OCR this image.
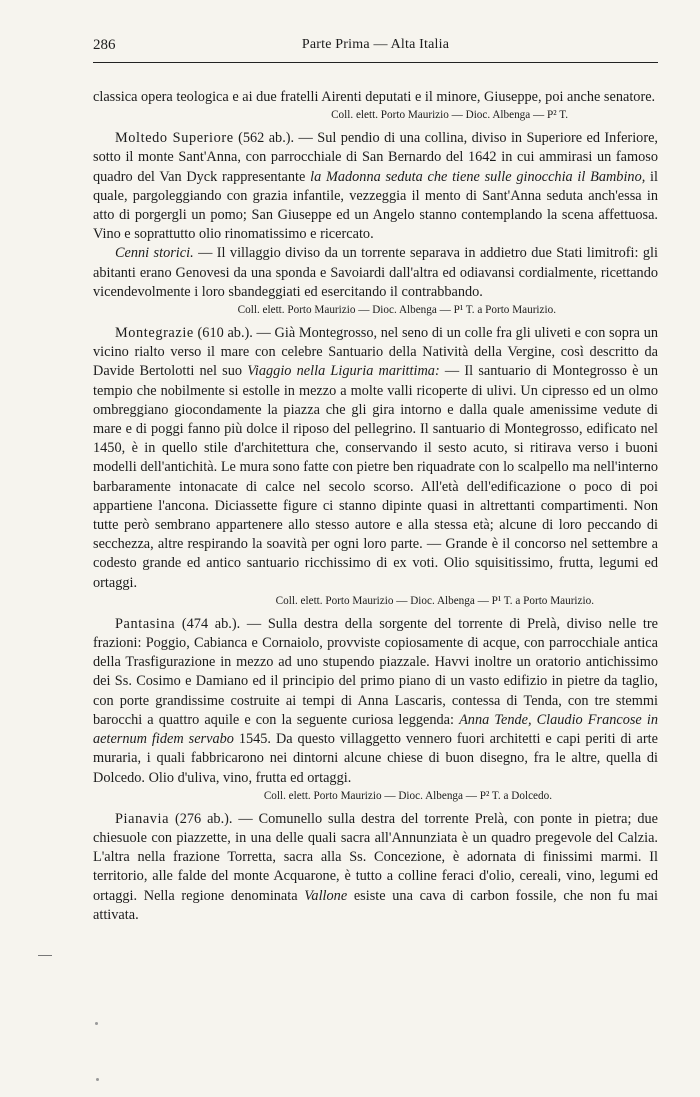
286	Parte Prima — Alta Italia

classica opera teologica e ai due fratelli Airenti deputati e il minore, Giuseppe, poi anche senatore.

Coll. elett. Porto Maurizio — Dioc. Albenga — P² T.

Moltedo Superiore (562 ab.). — Sul pendio di una collina, diviso in Superiore ed Inferiore, sotto il monte Sant'Anna, con parrocchiale di San Bernardo del 1642 in cui ammirasi un famoso quadro del Van Dyck rappresentante la Madonna seduta che tiene sulle ginocchia il Bambino, il quale, pargoleggiando con grazia infantile, vezzeggia il mento di Sant'Anna seduta anch'essa in atto di porgergli un pomo; San Giuseppe ed un Angelo stanno contemplando la scena affettuosa. Vino e soprattutto olio rinomatissimo e ricercato.

Cenni storici. — Il villaggio diviso da un torrente separava in addietro due Stati limitrofi: gli abitanti erano Genovesi da una sponda e Savoiardi dall'altra ed odiavansi cordialmente, ricettando vicendevolmente i loro sbandeggiati ed esercitando il contrabbando.

Coll. elett. Porto Maurizio — Dioc. Albenga — P¹ T. a Porto Maurizio.

Montegrazie (610 ab.). — Già Montegrosso, nel seno di un colle fra gli uliveti e con sopra un vicino rialto verso il mare con celebre Santuario della Natività della Vergine, così descritto da Davide Bertolotti nel suo Viaggio nella Liguria marittima: — Il santuario di Montegrosso è un tempio che nobilmente si estolle in mezzo a molte valli ricoperte di ulivi. Un cipresso ed un olmo ombreggiano giocondamente la piazza che gli gira intorno e dalla quale amenissime vedute di mare e di poggi fanno più dolce il riposo del pellegrino. Il santuario di Montegrosso, edificato nel 1450, è in quello stile d'architettura che, conservando il sesto acuto, si ritirava verso i buoni modelli dell'antichità. Le mura sono fatte con pietre ben riquadrate con lo scalpello ma nell'interno barbaramente intonacate di calce nel secolo scorso. All'età dell'edificazione o poco di poi appartiene l'ancona. Diciassette figure ci stanno dipinte quasi in altrettanti compartimenti. Non tutte però sembrano appartenere allo stesso autore e alla stessa età; alcune di loro peccando di secchezza, altre respirando la soavità per ogni loro parte. — Grande è il concorso nel settembre a codesto grande ed antico santuario ricchissimo di ex voti. Olio squisitissimo, frutta, legumi ed ortaggi.

Coll. elett. Porto Maurizio — Dioc. Albenga — P¹ T. a Porto Maurizio.

Pantasina (474 ab.). — Sulla destra della sorgente del torrente di Prelà, diviso nelle tre frazioni: Poggio, Cabianca e Cornaiolo, provviste copiosamente di acque, con parrocchiale antica della Trasfigurazione in mezzo ad uno stupendo piazzale. Havvi inoltre un oratorio antichissimo dei Ss. Cosimo e Damiano ed il principio del primo piano di un vasto edifizio in pietre da taglio, con porte grandissime costruite ai tempi di Anna Lascaris, contessa di Tenda, con tre stemmi barocchi a quattro aquile e con la seguente curiosa leggenda: Anna Tende, Claudio Francose in aeternum fidem servabo 1545. Da questo villaggetto vennero fuori architetti e capi periti di arte muraria, i quali fabbricarono nei dintorni alcune chiese di buon disegno, fra le altre, quella di Dolcedo. Olio d'uliva, vino, frutta ed ortaggi.

Coll. elett. Porto Maurizio — Dioc. Albenga — P² T. a Dolcedo.

Pianavia (276 ab.). — Comunello sulla destra del torrente Prelà, con ponte in pietra; due chiesuole con piazzette, in una delle quali sacra all'Annunziata è un quadro pregevole del Calzia. L'altra nella frazione Torretta, sacra alla Ss. Concezione, è adornata di finissimi marmi. Il territorio, alle falde del monte Acquarone, è tutto a colline feraci d'olio, cereali, vino, legumi ed ortaggi. Nella regione denominata Vallone esiste una cava di carbon fossile, che non fu mai attivata.
